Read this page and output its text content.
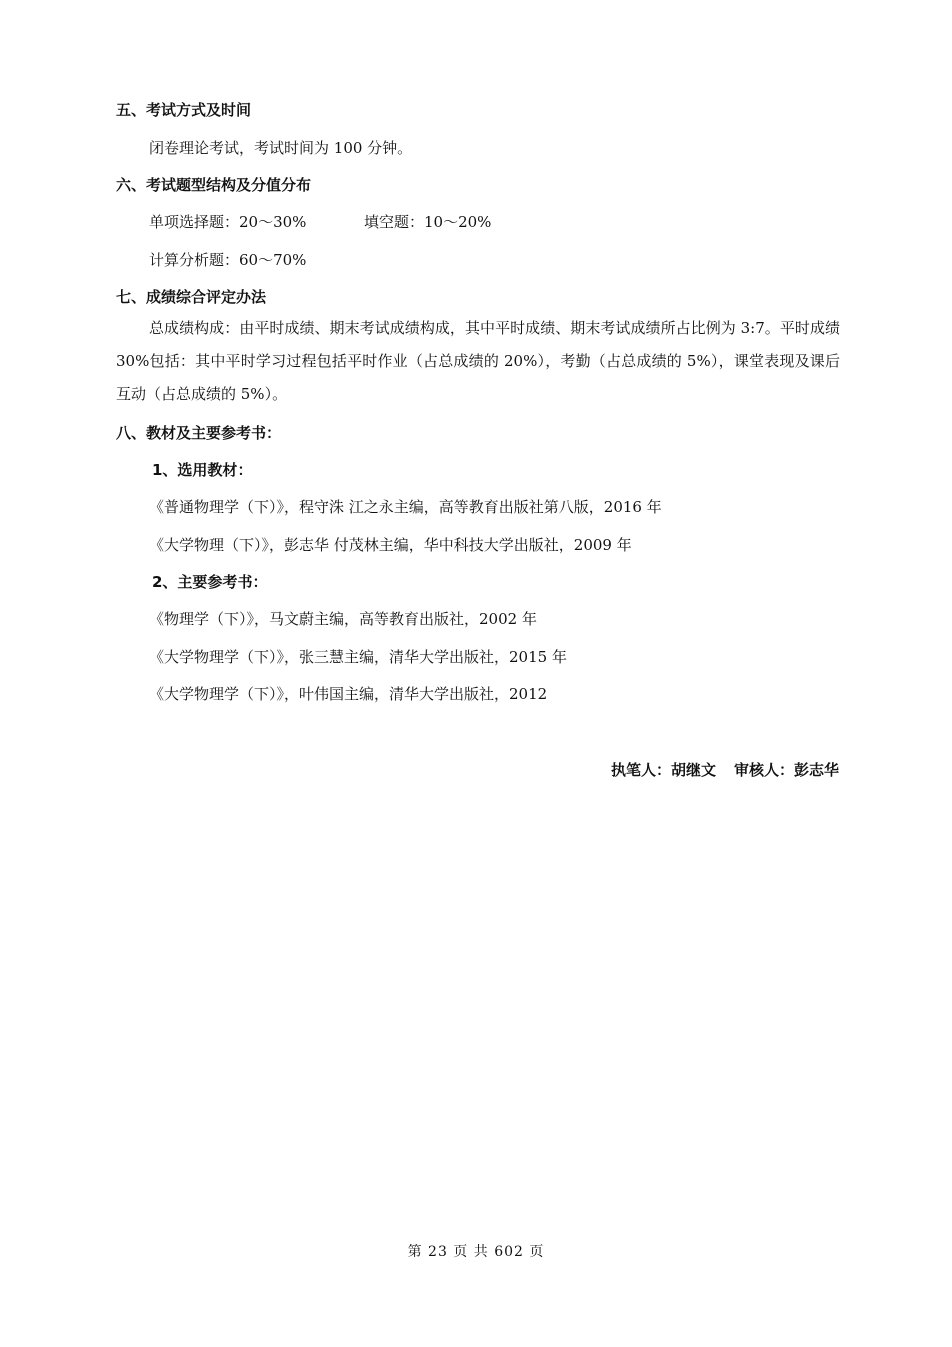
五、考试方式及时间
闭卷理论考试，考试时间为 100 分钟。
六、考试题型结构及分值分布
单项选择题：20～30%	填空题：10～20%
计算分析题：60～70%
七、成绩综合评定办法
总成绩构成：由平时成绩、期末考试成绩构成，其中平时成绩、期末考试成绩所占比例为 3:7。平时成绩 30%包括：其中平时学习过程包括平时作业（占总成绩的 20%），考勤（占总成绩的 5%），课堂表现及课后互动（占总成绩的 5%）。
八、教材及主要参考书：
1、选用教材：
《普通物理学（下）》，程守洙 江之永主编，高等教育出版社第八版，2016 年
《大学物理（下）》，彭志华 付茂林主编，华中科技大学出版社，2009 年
2、主要参考书：
《物理学（下）》，马文蔚主编，高等教育出版社，2002 年
《大学物理学（下）》，张三慧主编，清华大学出版社，2015 年
《大学物理学（下）》，叶伟国主编，清华大学出版社，2012
执笔人：胡继文 审核人：彭志华
第 23 页 共 602 页
